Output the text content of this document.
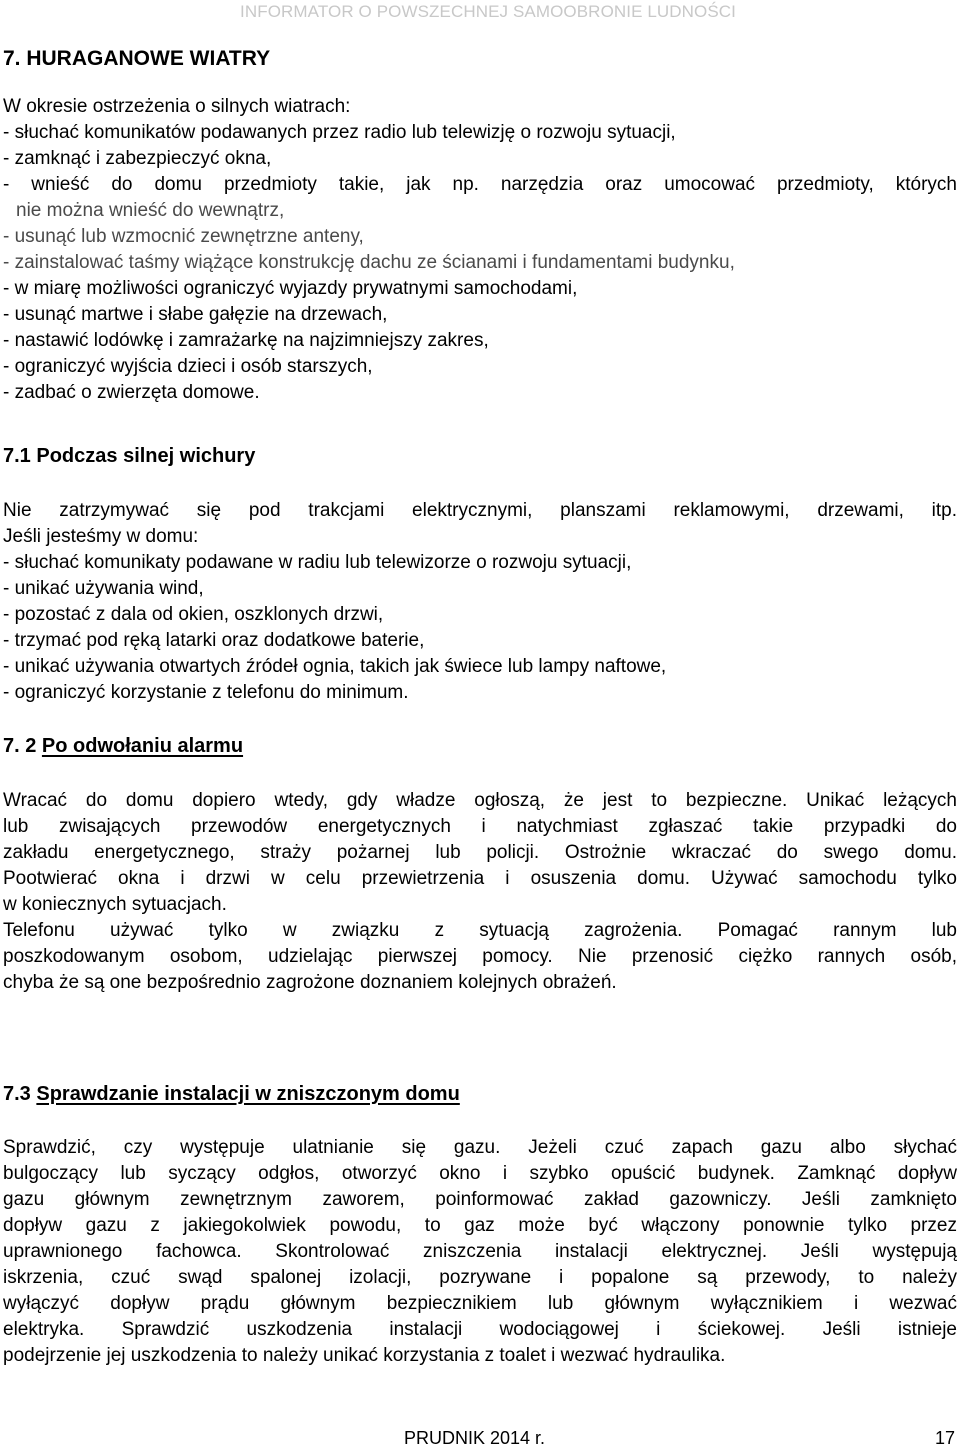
INFORMATOR O POWSZECHNEJ SAMOOBRONIE LUDNOŚCI
7. HURAGANOWE WIATRY
W okresie ostrzeżenia o silnych wiatrach:
- słuchać komunikatów podawanych przez radio lub telewizję o rozwoju sytuacji,
- zamknąć i zabezpieczyć okna,
- wnieść do domu przedmioty takie, jak np. narzędzia oraz umocować przedmioty, których
nie można wnieść do wewnątrz,
- usunąć lub wzmocnić zewnętrzne anteny,
- zainstalować taśmy wiążące konstrukcję dachu ze ścianami i fundamentami budynku,
- w miarę możliwości ograniczyć wyjazdy prywatnymi samochodami,
- usunąć martwe i słabe gałęzie na drzewach,
- nastawić lodówkę i zamrażarkę na najzimniejszy zakres,
- ograniczyć wyjścia dzieci i osób starszych,
- zadbać o zwierzęta domowe.
7.1 Podczas silnej wichury
Nie zatrzymywać się pod trakcjami elektrycznymi, planszami reklamowymi, drzewami, itp.
Jeśli jesteśmy w domu:
- słuchać komunikaty podawane w radiu lub telewizorze o rozwoju sytuacji,
- unikać używania wind,
- pozostać z dala od okien, oszklonych drzwi,
- trzymać pod ręką latarki oraz dodatkowe baterie,
- unikać używania otwartych źródeł ognia, takich jak świece lub lampy naftowe,
- ograniczyć korzystanie z telefonu do minimum.
7. 2 Po odwołaniu alarmu
Wracać do domu dopiero wtedy, gdy władze ogłoszą, że jest to bezpieczne. Unikać leżących
lub zwisających przewodów energetycznych i natychmiast zgłaszać takie przypadki do
zakładu energetycznego, straży pożarnej lub policji. Ostrożnie wkraczać do swego domu.
Pootwierać okna i drzwi w celu przewietrzenia i osuszenia domu. Używać samochodu tylko
w koniecznych sytuacjach.
Telefonu używać tylko w związku z sytuacją zagrożenia. Pomagać rannym lub
poszkodowanym osobom, udzielając pierwszej pomocy. Nie przenosić ciężko rannych osób,
chyba że są one bezpośrednio zagrożone doznaniem kolejnych obrażeń.
7.3 Sprawdzanie instalacji w zniszczonym domu
Sprawdzić, czy występuje ulatnianie się gazu. Jeżeli czuć zapach gazu albo słychać
bulgoczący lub syczący odgłos, otworzyć okno i szybko opuścić budynek. Zamknąć dopływ
gazu głównym zewnętrznym zaworem, poinformować zakład gazowniczy. Jeśli zamknięto
dopływ gazu z jakiegokolwiek powodu, to gaz może być włączony ponownie tylko przez
uprawnionego fachowca. Skontrolować zniszczenia instalacji elektrycznej. Jeśli występują
iskrzenia, czuć swąd spalonej izolacji, pozrywane i popalone są przewody, to należy
wyłączyć dopływ prądu głównym bezpiecznikiem lub głównym wyłącznikiem i wezwać
elektryka. Sprawdzić uszkodzenia instalacji wodociągowej i ściekowej. Jeśli istnieje
podejrzenie jej uszkodzenia to należy unikać korzystania z toalet i wezwać hydraulika.
PRUDNIK 2014 r.	17
